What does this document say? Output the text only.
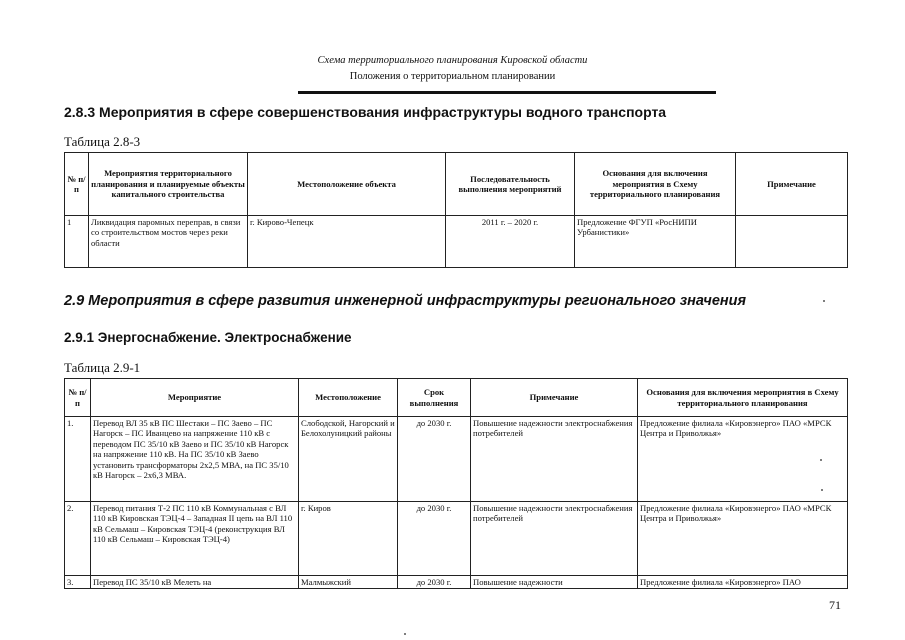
Схема территориального планирования Кировской области
Положения о территориальном планировании
2.8.3 Мероприятия в сфере совершенствования инфраструктуры водного транспорта
Таблица 2.8-3
№ п/п	Мероприятия территориального планирования и планируемые объекты капитального строительства	Местоположение объекта	Последовательность выполнения мероприятий	Основания для включения мероприятия в Схему территориального планирования	Примечание
1	Ликвидация паромных переправ, в связи со строительством мостов через реки области	г. Кирово-Чепецк	2011 г. – 2020 г.	Предложение ФГУП «РосНИПИ Урбанистики»	
2.9 Мероприятия в сфере развития инженерной инфраструктуры регионального значения
2.9.1 Энергоснабжение. Электроснабжение
Таблица 2.9-1
№ п/п	Мероприятие	Местоположение	Срок выполнения	Примечание	Основания для включения мероприятия в Схему территориального планирования
1.	Перевод ВЛ 35 кВ ПС Шестаки – ПС Заево – ПС Нагорск – ПС Иванцево на напряжение 110 кВ с переводом ПС 35/10 кВ Заево и ПС 35/10 кВ Нагорск на напряжение 110 кВ. На ПС 35/10 кВ Заево установить трансформаторы 2х2,5 МВА, на ПС 35/10 кВ Нагорск – 2х6,3 МВА.	Слободской, Нагорский и Белохолуницкий районы	до 2030 г.	Повышение надежности электроснабжения потребителей	Предложение филиала «Кировэнерго» ПАО «МРСК Центра и Приволжья»
2.	Перевод питания Т-2 ПС 110 кВ Коммунальная с ВЛ 110 кВ Кировская ТЭЦ-4 – Западная II цепь на ВЛ 110 кВ Сельмаш – Кировская ТЭЦ-4 (реконструкция ВЛ 110 кВ Сельмаш – Кировская ТЭЦ-4)	г. Киров	до 2030 г.	Повышение надежности электроснабжения потребителей	Предложение филиала «Кировэнерго» ПАО «МРСК Центра и Приволжья»
3.	Перевод ПС 35/10 кВ Мелеть на	Малмыжский	до 2030 г.	Повышение надежности	Предложение филиала «Кировэнерго» ПАО
71
